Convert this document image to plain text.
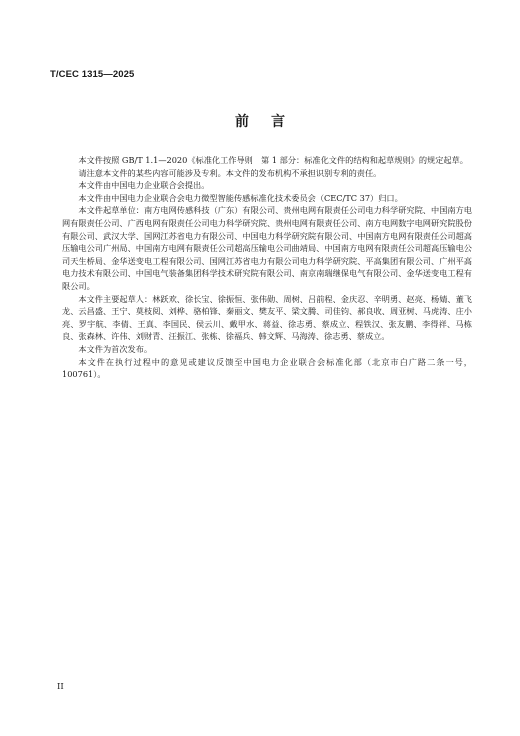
T/CEC 1315—2025
前言

本文件按照 GB/T 1.1—2020《标准化工作导则　第 1 部分：标准化文件的结构和起草规则》的规定起草。

请注意本文件的某些内容可能涉及专利。本文件的发布机构不承担识别专利的责任。

本文件由中国电力企业联合会提出。

本文件由中国电力企业联合会电力微型智能传感标准化技术委员会（CEC/TC 37）归口。

本文件起草单位：南方电网传感科技（广东）有限公司、贵州电网有限责任公司电力科学研究院、中国南方电网有限责任公司、广西电网有限责任公司电力科学研究院、贵州电网有限责任公司、南方电网数字电网研究院股份有限公司、武汉大学、国网江苏省电力有限公司、中国电力科学研究院有限公司、中国南方电网有限责任公司超高压输电公司广州局、中国南方电网有限责任公司超高压输电公司曲靖局、中国南方电网有限责任公司超高压输电公司天生桥局、金华送变电工程有限公司、国网江苏省电力有限公司电力科学研究院、平高集团有限公司、广州平高电力技术有限公司、中国电气装备集团科学技术研究院有限公司、南京南瑞继保电气有限公司、金华送变电工程有限公司。

本文件主要起草人：林跃欢、徐长宝、徐振恒、张伟勋、周树、吕前程、金庆忍、辛明勇、赵亮、杨婧、董飞龙、云昌盛、王宁、莫枝阅、刘桦、骆柏锋、秦丽文、樊友平、梁文腾、司佳钧、郝良收、周亚树、马虎涛、庄小亮、罗宇航、李倩、王真、李国民、侯云川、戴甲水、蒋益、徐志勇、蔡成立、程铁汉、张友鹏、李得祥、马栋良、张森林、许伟、刘财青、汪振江、张栋、徐福兵、韩文辉、马海涛、徐志勇、蔡成立。

本文件为首次发布。

本文件在执行过程中的意见或建议反馈至中国电力企业联合会标准化部（北京市白广路二条一号，100761）。

II
